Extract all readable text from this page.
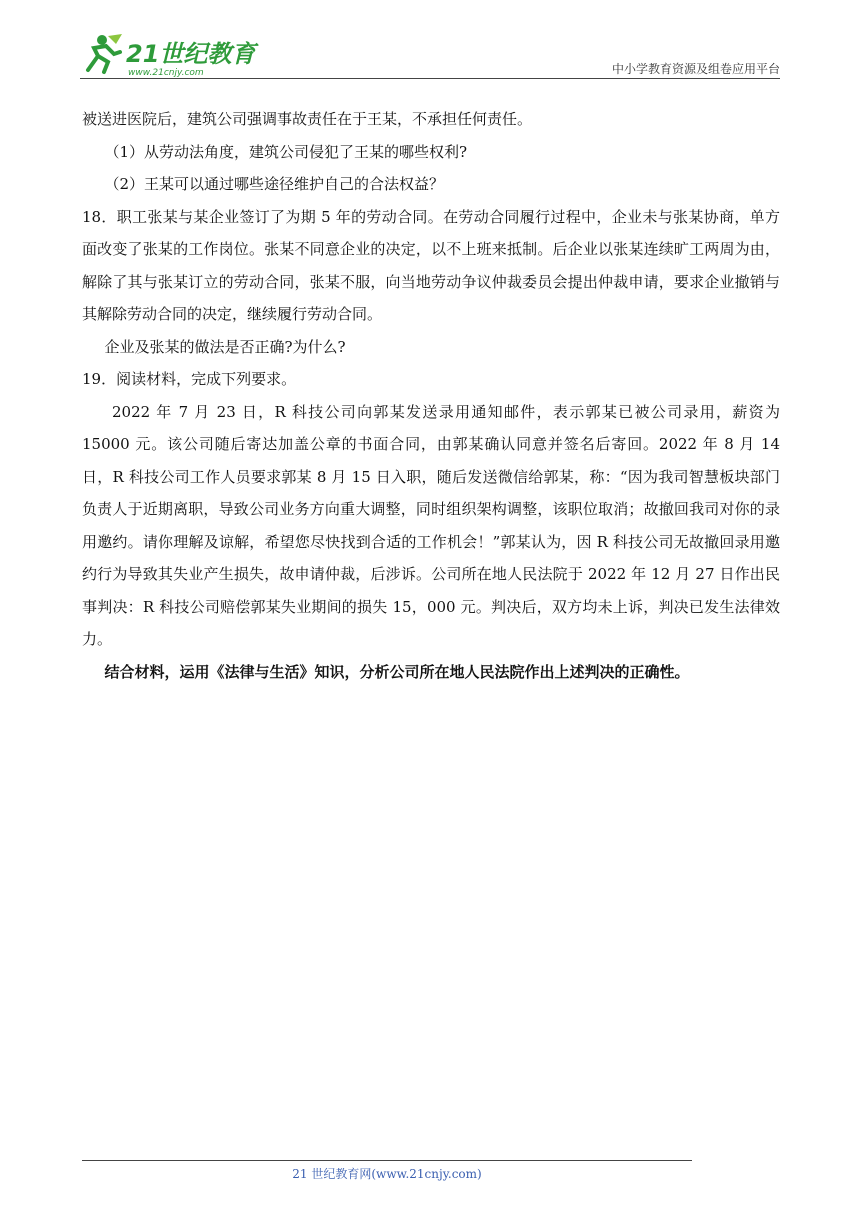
21世纪教育
www.21cnjy.com	中小学教育资源及组卷应用平台

被送进医院后，建筑公司强调事故责任在于王某，不承担任何责任。

（1）从劳动法角度，建筑公司侵犯了王某的哪些权利?

（2）王某可以通过哪些途径维护自己的合法权益？

18．职工张某与某企业签订了为期 5 年的劳动合同。在劳动合同履行过程中，企业未与张某协商，单方面改变了张某的工作岗位。张某不同意企业的决定，以不上班来抵制。后企业以张某连续旷工两周为由，解除了其与张某订立的劳动合同，张某不服，向当地劳动争议仲裁委员会提出仲裁申请，要求企业撤销与其解除劳动合同的决定，继续履行劳动合同。

企业及张某的做法是否正确?为什么?

19．阅读材料，完成下列要求。

2022 年 7 月 23 日，R 科技公司向郭某发送录用通知邮件，表示郭某已被公司录用，薪资为 15000 元。该公司随后寄达加盖公章的书面合同，由郭某确认同意并签名后寄回。2022 年 8 月 14 日，R 科技公司工作人员要求郭某 8 月 15 日入职，随后发送微信给郭某，称：“因为我司智慧板块部门负责人于近期离职，导致公司业务方向重大调整，同时组织架构调整，该职位取消；故撤回我司对你的录用邀约。请你理解及谅解，希望您尽快找到合适的工作机会！”郭某认为，因 R 科技公司无故撤回录用邀约行为导致其失业产生损失，故申请仲裁，后涉诉。公司所在地人民法院于 2022 年 12 月 27 日作出民事判决：R 科技公司赔偿郭某失业期间的损失 15，000 元。判决后，双方均未上诉，判决已发生法律效力。

结合材料，运用《法律与生活》知识，分析公司所在地人民法院作出上述判决的正确性。

21 世纪教育网(www.21cnjy.com)
